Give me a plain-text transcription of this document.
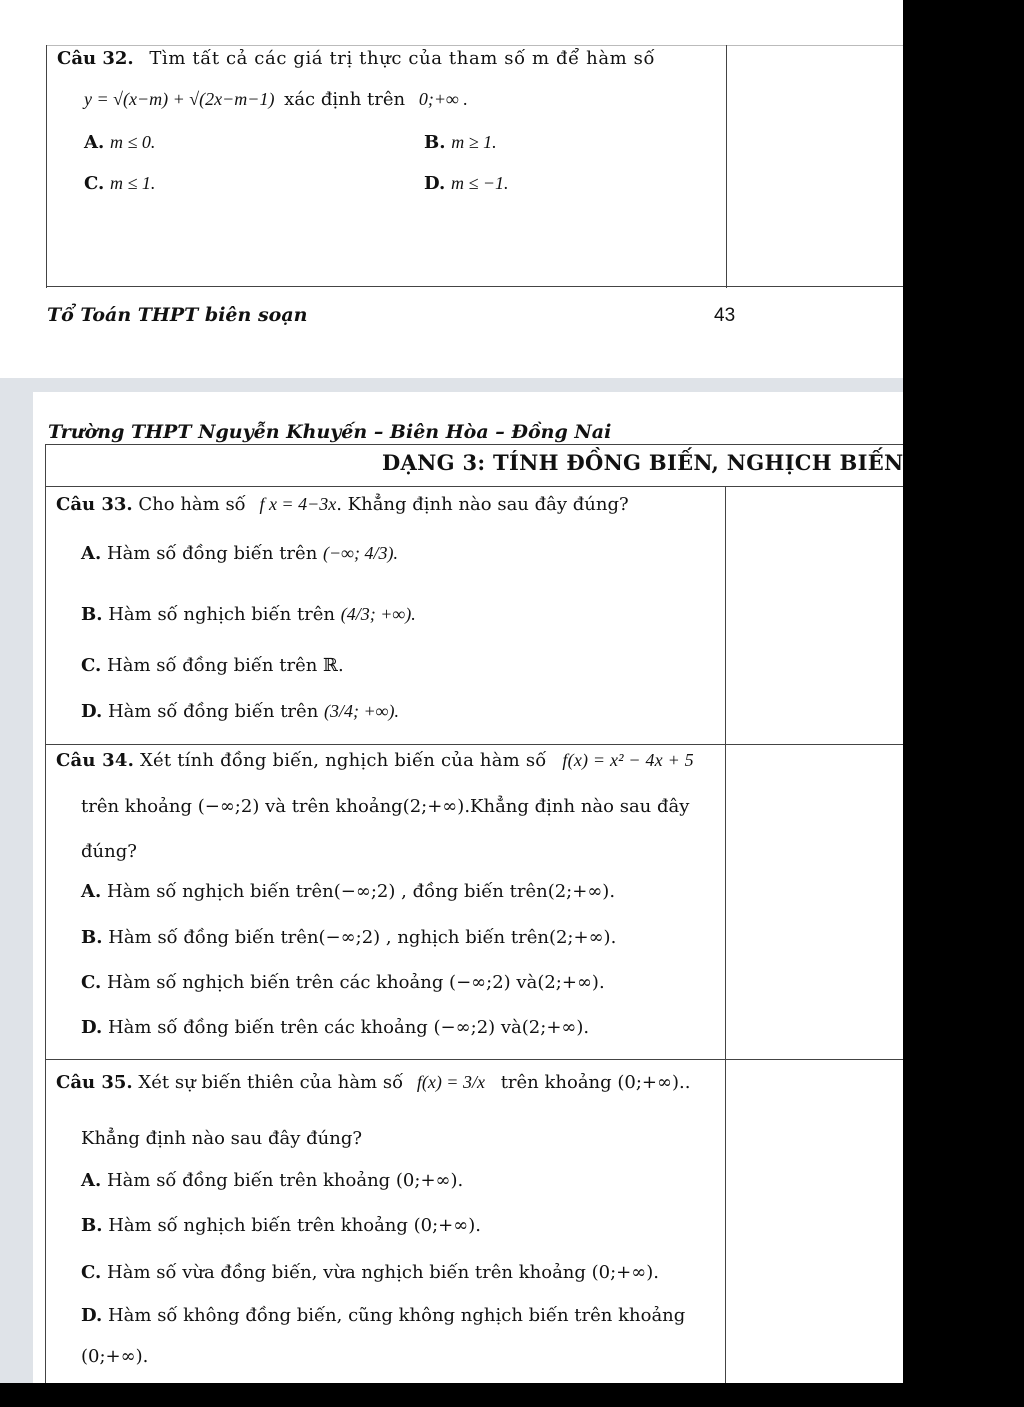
Câu 32. Tìm tất cả các giá trị thực của tham số m để hàm số
y = √(x−m) + √(2x−m−1) xác định trên 0;+∞ .
A. m ≤ 0.	B. m ≥ 1.
C. m ≤ 1.	D. m ≤ −1.
Tổ Toán THPT biên soạn	43
Trường THPT Nguyễn Khuyến – Biên Hòa – Đồng Nai
DẠNG 3: TÍNH ĐỒNG BIẾN, NGHỊCH BIẾN
Câu 33. Cho hàm số f x = 4−3x. Khẳng định nào sau đây đúng?
A. Hàm số đồng biến trên (−∞; 4/3).
B. Hàm số nghịch biến trên (4/3; +∞).
C. Hàm số đồng biến trên ℝ.
D. Hàm số đồng biến trên (3/4; +∞).
Câu 34. Xét tính đồng biến, nghịch biến của hàm số f(x) = x² − 4x + 5
trên khoảng (−∞;2) và trên khoảng(2;+∞).Khẳng định nào sau đây
đúng?
A. Hàm số nghịch biến trên(−∞;2) , đồng biến trên(2;+∞).
B. Hàm số đồng biến trên(−∞;2) , nghịch biến trên(2;+∞).
C. Hàm số nghịch biến trên các khoảng (−∞;2) và(2;+∞).
D. Hàm số đồng biến trên các khoảng (−∞;2) và(2;+∞).
Câu 35. Xét sự biến thiên của hàm số f(x) = 3/x trên khoảng (0;+∞)..
Khẳng định nào sau đây đúng?
A. Hàm số đồng biến trên khoảng (0;+∞).
B. Hàm số nghịch biến trên khoảng (0;+∞).
C. Hàm số vừa đồng biến, vừa nghịch biến trên khoảng (0;+∞).
D. Hàm số không đồng biến, cũng không nghịch biến trên khoảng
(0;+∞).
